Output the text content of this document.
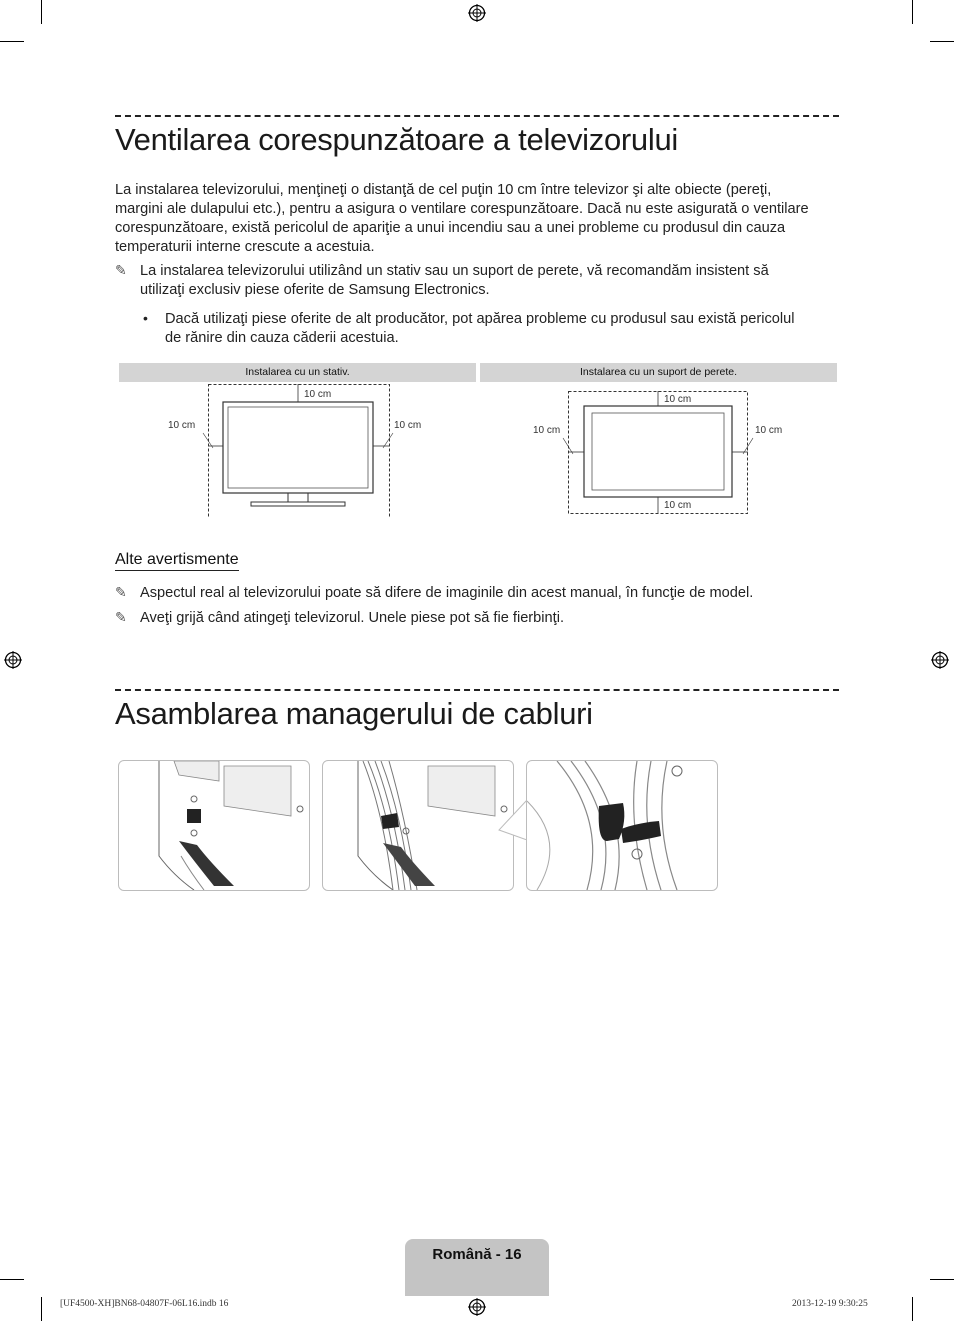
Ventilarea corespunzătoare a televizorului

La instalarea televizorului, menţineţi o distanţă de cel puţin 10 cm între televizor şi alte obiecte (pereţi,

margini ale dulapului etc.), pentru a asigura o ventilare corespunzătoare. Dacă nu este asigurată o ventilare

corespunzătoare, există pericolul de apariţie a unui incendiu sau a unei probleme cu produsul din cauza

temperaturii interne crescute a acestuia.

✎ La instalarea televizorului utilizând un stativ sau un suport de perete, vă recomandăm insistent să

utilizaţi exclusiv piese oferite de Samsung Electronics.

• Dacă utilizaţi piese oferite de alt producător, pot apărea probleme cu produsul sau există pericolul

de rănire din cauza căderii acestuia.

Instalarea cu un stativ.
10 cm
10 cm	10 cm
Instalarea cu un suport de perete.
10 cm
10 cm	10 cm
10 cm
Alte avertismente
✎ Aspectul real al televizorului poate să difere de imaginile din acest manual, în funcţie de model.

✎ Aveţi grijă când atingeţi televizorul. Unele piese pot să fie fierbinţi.

Asamblarea managerului de cabluri
Română - 16
[UF4500-XH]BN68-04807F-06L16.indb 16	2013-12-19 9:30:25
